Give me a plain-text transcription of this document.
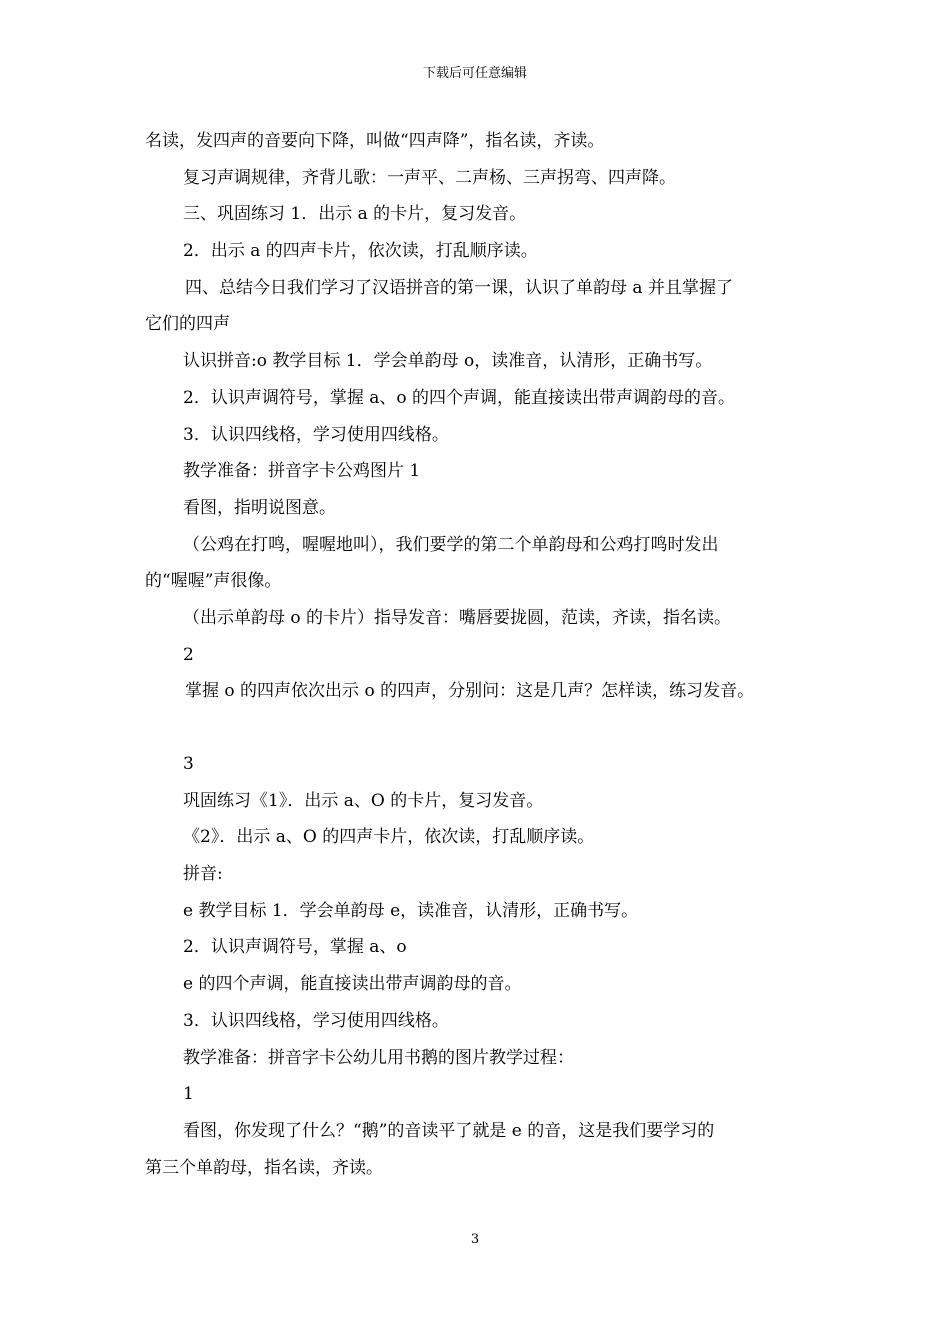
下载后可任意编辑
名读，发四声的音要向下降，叫做“四声降”，指名读，齐读。
复习声调规律，齐背儿歌：一声平、二声杨、三声拐弯、四声降。
三、巩固练习 1．出示 a 的卡片，复习发音。
2．出示 a 的四声卡片，依次读，打乱顺序读。
四、总结今日我们学习了汉语拼音的第一课，认识了单韵母 a 并且掌握了
它们的四声
认识拼音:o 教学目标 1．学会单韵母 o，读准音，认清形，正确书写。
2．认识声调符号，掌握 a、o 的四个声调，能直接读出带声调韵母的音。
3．认识四线格，学习使用四线格。
教学准备：拼音字卡公鸡图片 1
看图，指明说图意。
（公鸡在打鸣，喔喔地叫），我们要学的第二个单韵母和公鸡打鸣时发出
的“喔喔”声很像。
（出示单韵母 o 的卡片）指导发音：嘴唇要拢圆，范读，齐读，指名读。
2
掌握 o 的四声依次出示 o 的四声，分别问：这是几声？怎样读，练习发音。
3
巩固练习《1》．出示 a、O 的卡片，复习发音。
《2》．出示 a、O 的四声卡片，依次读，打乱顺序读。
拼音:
e 教学目标 1．学会单韵母 e，读准音，认清形，正确书写。
2．认识声调符号，掌握 a、o
e 的四个声调，能直接读出带声调韵母的音。
3．认识四线格，学习使用四线格。
教学准备：拼音字卡公幼儿用书鹅的图片教学过程：
1
看图，你发现了什么？“鹅”的音读平了就是 e 的音，这是我们要学习的
第三个单韵母，指名读，齐读。
3
